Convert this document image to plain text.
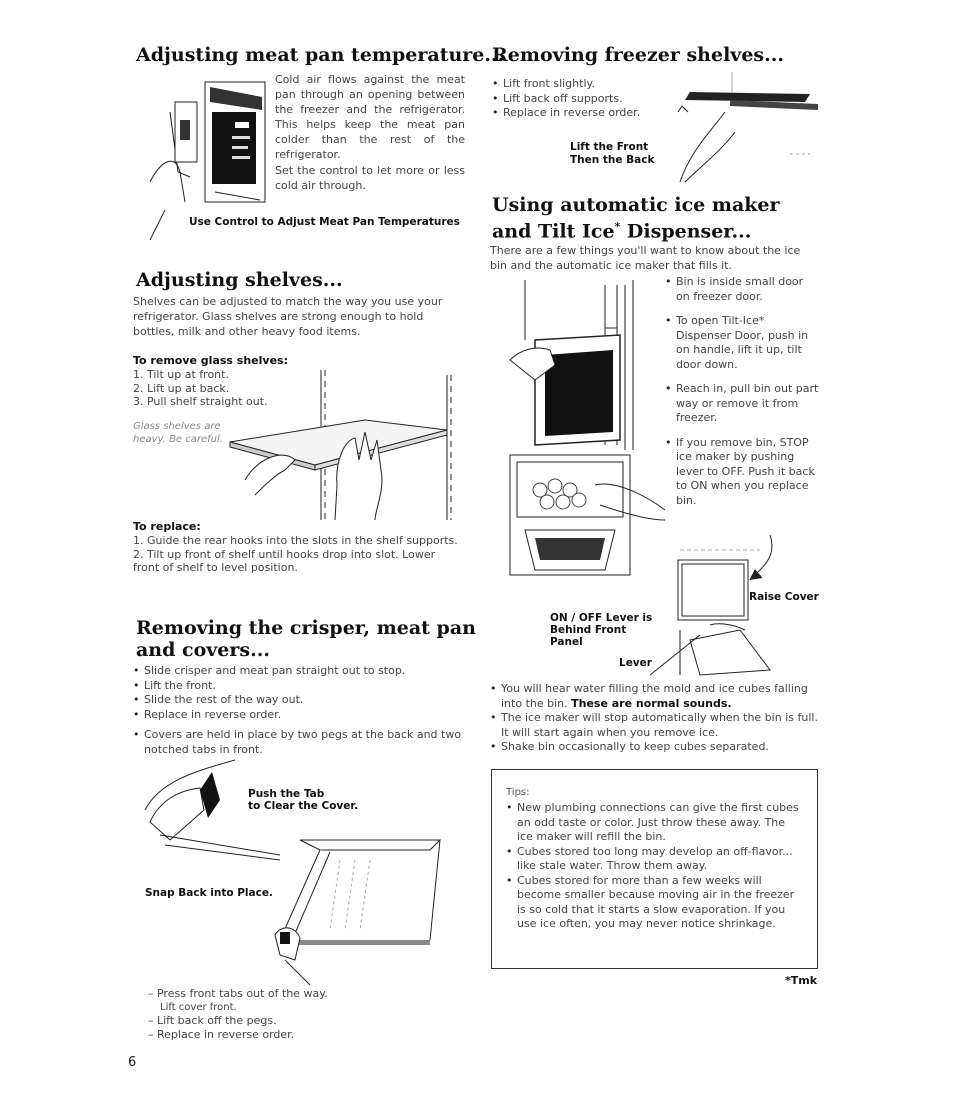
Adjusting meat pan temperature...
Cold air flows against the meat pan through an opening between the freezer and the refrigerator. This helps keep the meat pan colder than the rest of the refrigerator.
Set the control to let more or less cold air through.
Use Control to Adjust Meat Pan Temperatures
Adjusting shelves...
Shelves can be adjusted to match the way you use your refrigerator. Glass shelves are strong enough to hold bottles, milk and other heavy food items.
To remove glass shelves:
1. Tilt up at front.
2. Lift up at back.
3. Pull shelf straight out.
Glass shelves are heavy. Be careful.
To replace:
1. Guide the rear hooks into the slots in the shelf supports.
2. Tilt up front of shelf until hooks drop into slot. Lower front of shelf to level position.
Removing the crisper, meat pan
and covers...
• Slide crisper and meat pan straight out to stop.
• Lift the front.
• Slide the rest of the way out.
• Replace in reverse order.
• Covers are held in place by two pegs at the back and two notched tabs in front.
Push the Tab
to Clear the Cover.
Snap Back into Place.
– Press front tabs out of the way.
Lift cover front.
– Lift back off the pegs.
– Replace in reverse order.
Removing freezer shelves...
• Lift front slightly.
• Lift back off supports.
• Replace in reverse order.
Lift the Front
Then the Back
Using automatic ice maker
and Tilt Ice* Dispenser...
There are a few things you'll want to know about the ice bin and the automatic ice maker that fills it.
• Bin is inside small door on freezer door.
• To open Tilt-Ice* Dispenser Door, push in on handle, lift it up, tilt door down.
• Reach in, pull bin out part way or remove it from freezer.
• If you remove bin, STOP ice maker by pushing lever to OFF. Push it back to ON when you replace bin.
Raise Cover
ON / OFF Lever is
Behind Front
Panel
Lever
• You will hear water filling the mold and ice cubes falling into the bin. These are normal sounds.
• The ice maker will stop automatically when the bin is full. It will start again when you remove ice.
• Shake bin occasionally to keep cubes separated.
Tips:
• New plumbing connections can give the first cubes an odd taste or color. Just throw these away. The ice maker will refill the bin.
• Cubes stored too long may develop an off-flavor... like stale water. Throw them away.
• Cubes stored for more than a few weeks will become smaller because moving air in the freezer is so cold that it starts a slow evaporation. If you use ice often, you may never notice shrinkage.
*Tmk
6
